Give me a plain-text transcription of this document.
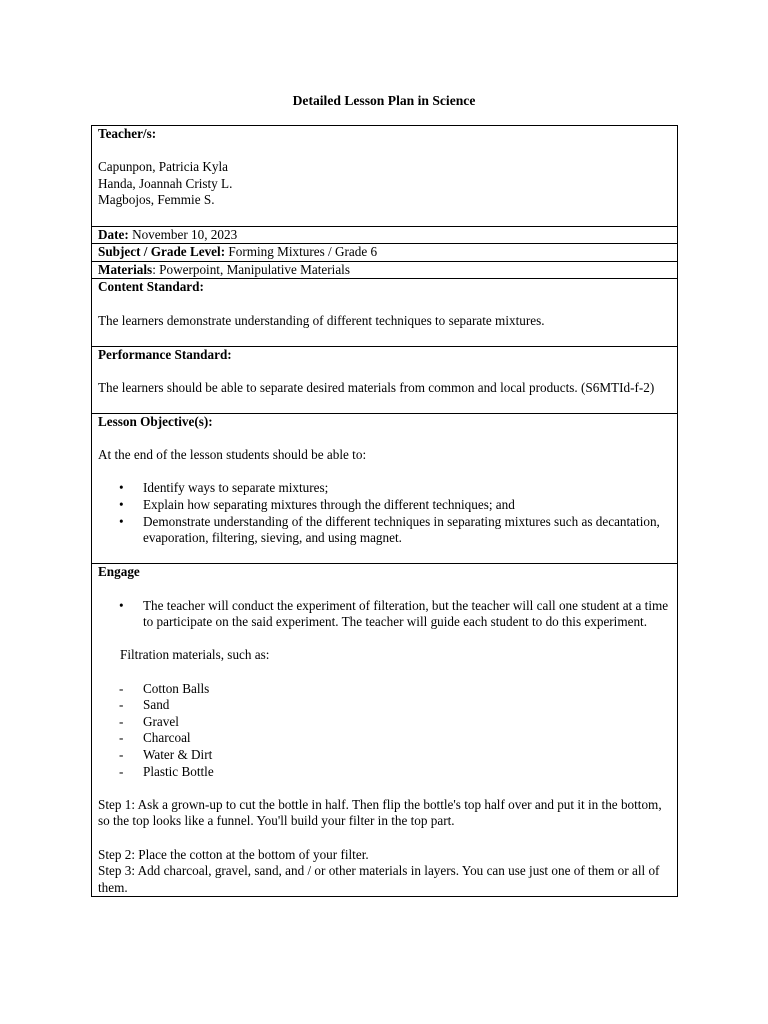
Detailed Lesson Plan in Science
Teacher/s:
Capunpon, Patricia Kyla
Handa, Joannah Cristy L.
Magbojos, Femmie S.

Date: November 10, 2023
Subject / Grade Level: Forming Mixtures / Grade 6
Materials: Powerpoint, Manipulative Materials

Content Standard:
The learners demonstrate understanding of different techniques to separate mixtures.

Performance Standard:
The learners should be able to separate desired materials from common and local products. (S6MTId-f-2)

Lesson Objective(s):
At the end of the lesson students should be able to:
• Identify ways to separate mixtures;
• Explain how separating mixtures through the different techniques; and
• Demonstrate understanding of the different techniques in separating mixtures such as decantation, evaporation, filtering, sieving, and using magnet.

Engage
• The teacher will conduct the experiment of filteration, but the teacher will call one student at a time to participate on the said experiment. The teacher will guide each student to do this experiment.
Filtration materials, such as:
- Cotton Balls
- Sand
- Gravel
- Charcoal
- Water & Dirt
- Plastic Bottle
Step 1: Ask a grown-up to cut the bottle in half. Then flip the bottle's top half over and put it in the bottom, so the top looks like a funnel. You'll build your filter in the top part.
Step 2: Place the cotton at the bottom of your filter.
Step 3: Add charcoal, gravel, sand, and / or other materials in layers. You can use just one of them or all of them.
